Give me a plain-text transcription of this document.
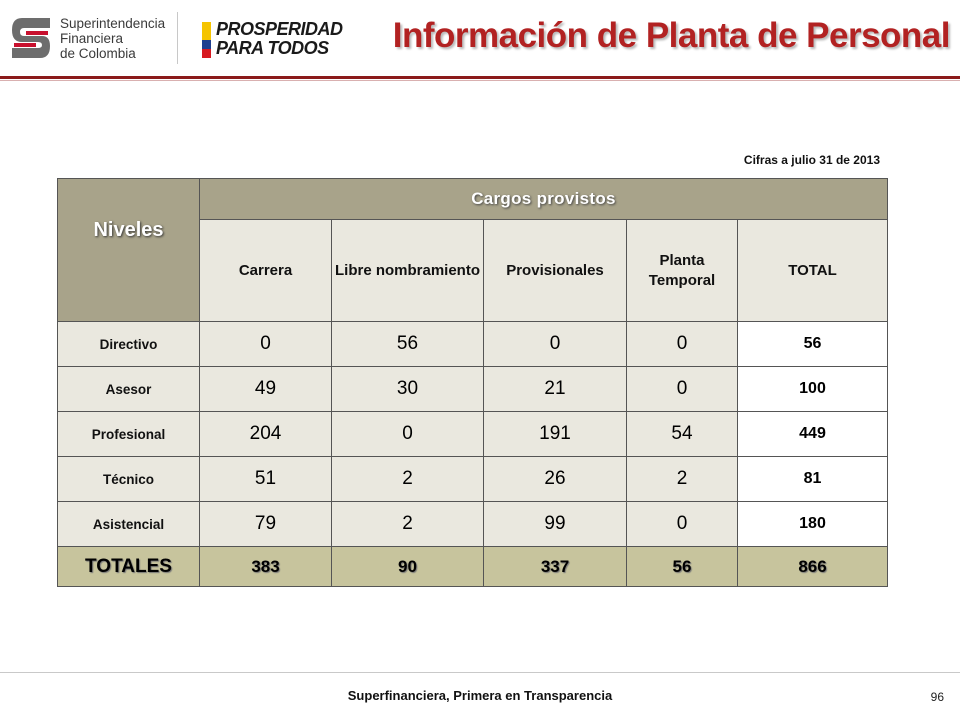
Superintendencia
Financiera
de Colombia
PROSPERIDAD
PARA TODOS	Información de Planta de Personal
Cifras a julio 31 de 2013
Niveles	Cargos provistos				
	Carrera	Libre nombramiento	Provisionales	Planta Temporal	TOTAL
Directivo	0	56	0	0	56
Asesor	49	30	21	0	100
Profesional	204	0	191	54	449
Técnico	51	2	26	2	81
Asistencial	79	2	99	0	180
TOTALES	383	90	337	56	866
Superfinanciera, Primera en Transparencia	96
